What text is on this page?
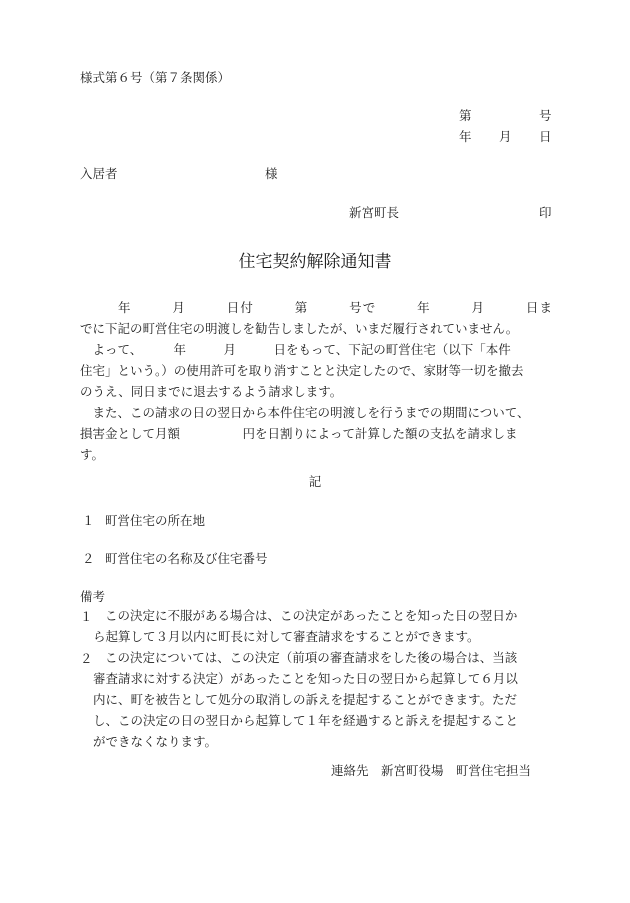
様式第６号（第７条関係）
第	号
年 月 日
入居者	様
新宮町長	印
住宅契約解除通知書
年　　　月　　　日付　　　第　　　号で　　　年　　　月　　　日ま
でに下記の町営住宅の明渡しを勧告しましたが、いまだ履行されていません。
　よって、　　　年　　　月　　　日をもって、下記の町営住宅（以下「本件
住宅」という。）の使用許可を取り消すことと決定したので、家財等一切を撤去
のうえ、同日までに退去するよう請求します。
　また、この請求の日の翌日から本件住宅の明渡しを行うまでの期間について、
損害金として月額　　　　　円を日割りによって計算した額の支払を請求しま
す。
記
１ 町営住宅の所在地
２ 町営住宅の名称及び住宅番号
備考
１ この決定に不服がある場合は、この決定があったことを知った日の翌日か
ら起算して３月以内に町長に対して審査請求をすることができます。
２ この決定については、この決定（前項の審査請求をした後の場合は、当該
審査請求に対する決定）があったことを知った日の翌日から起算して６月以
内に、町を被告として処分の取消しの訴えを提起することができます。ただ
し、この決定の日の翌日から起算して１年を経過すると訴えを提起すること
ができなくなります。
連絡先　新宮町役場　町営住宅担当
